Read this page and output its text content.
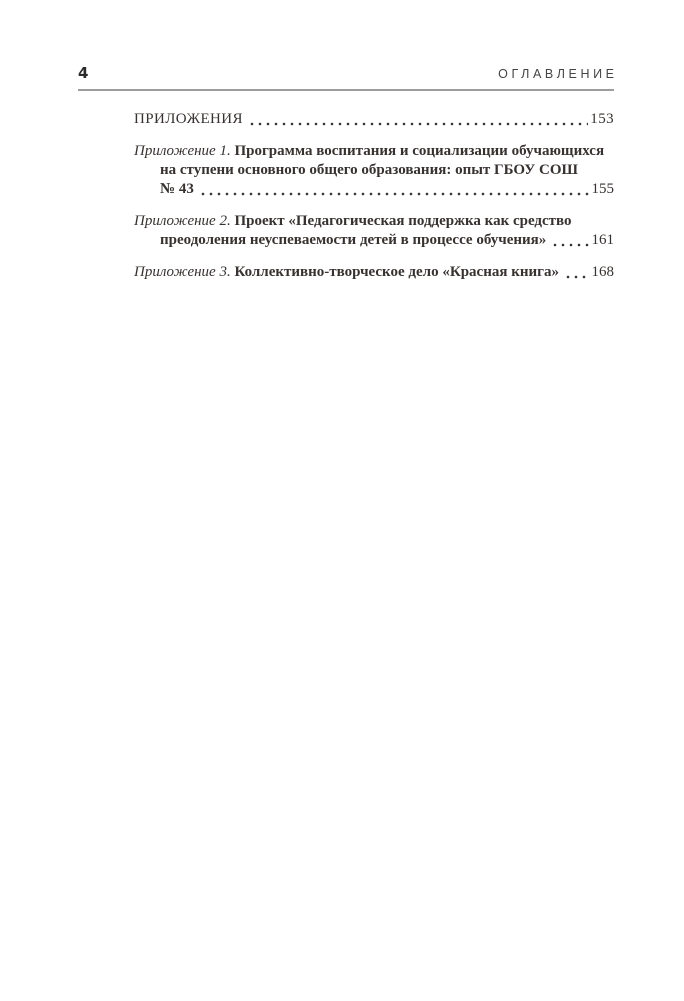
4	ОГЛАВЛЕНИЕ
ПРИЛОЖЕНИЯ	153
Приложение 1. Программа воспитания и социализации обучающихся
на ступени основного общего образования: опыт ГБОУ СОШ
№ 43	155
Приложение 2. Проект «Педагогическая поддержка как средство
преодоления неуспеваемости детей в процессе обучения»	161
Приложение 3. Коллективно-творческое дело «Красная книга» 168
